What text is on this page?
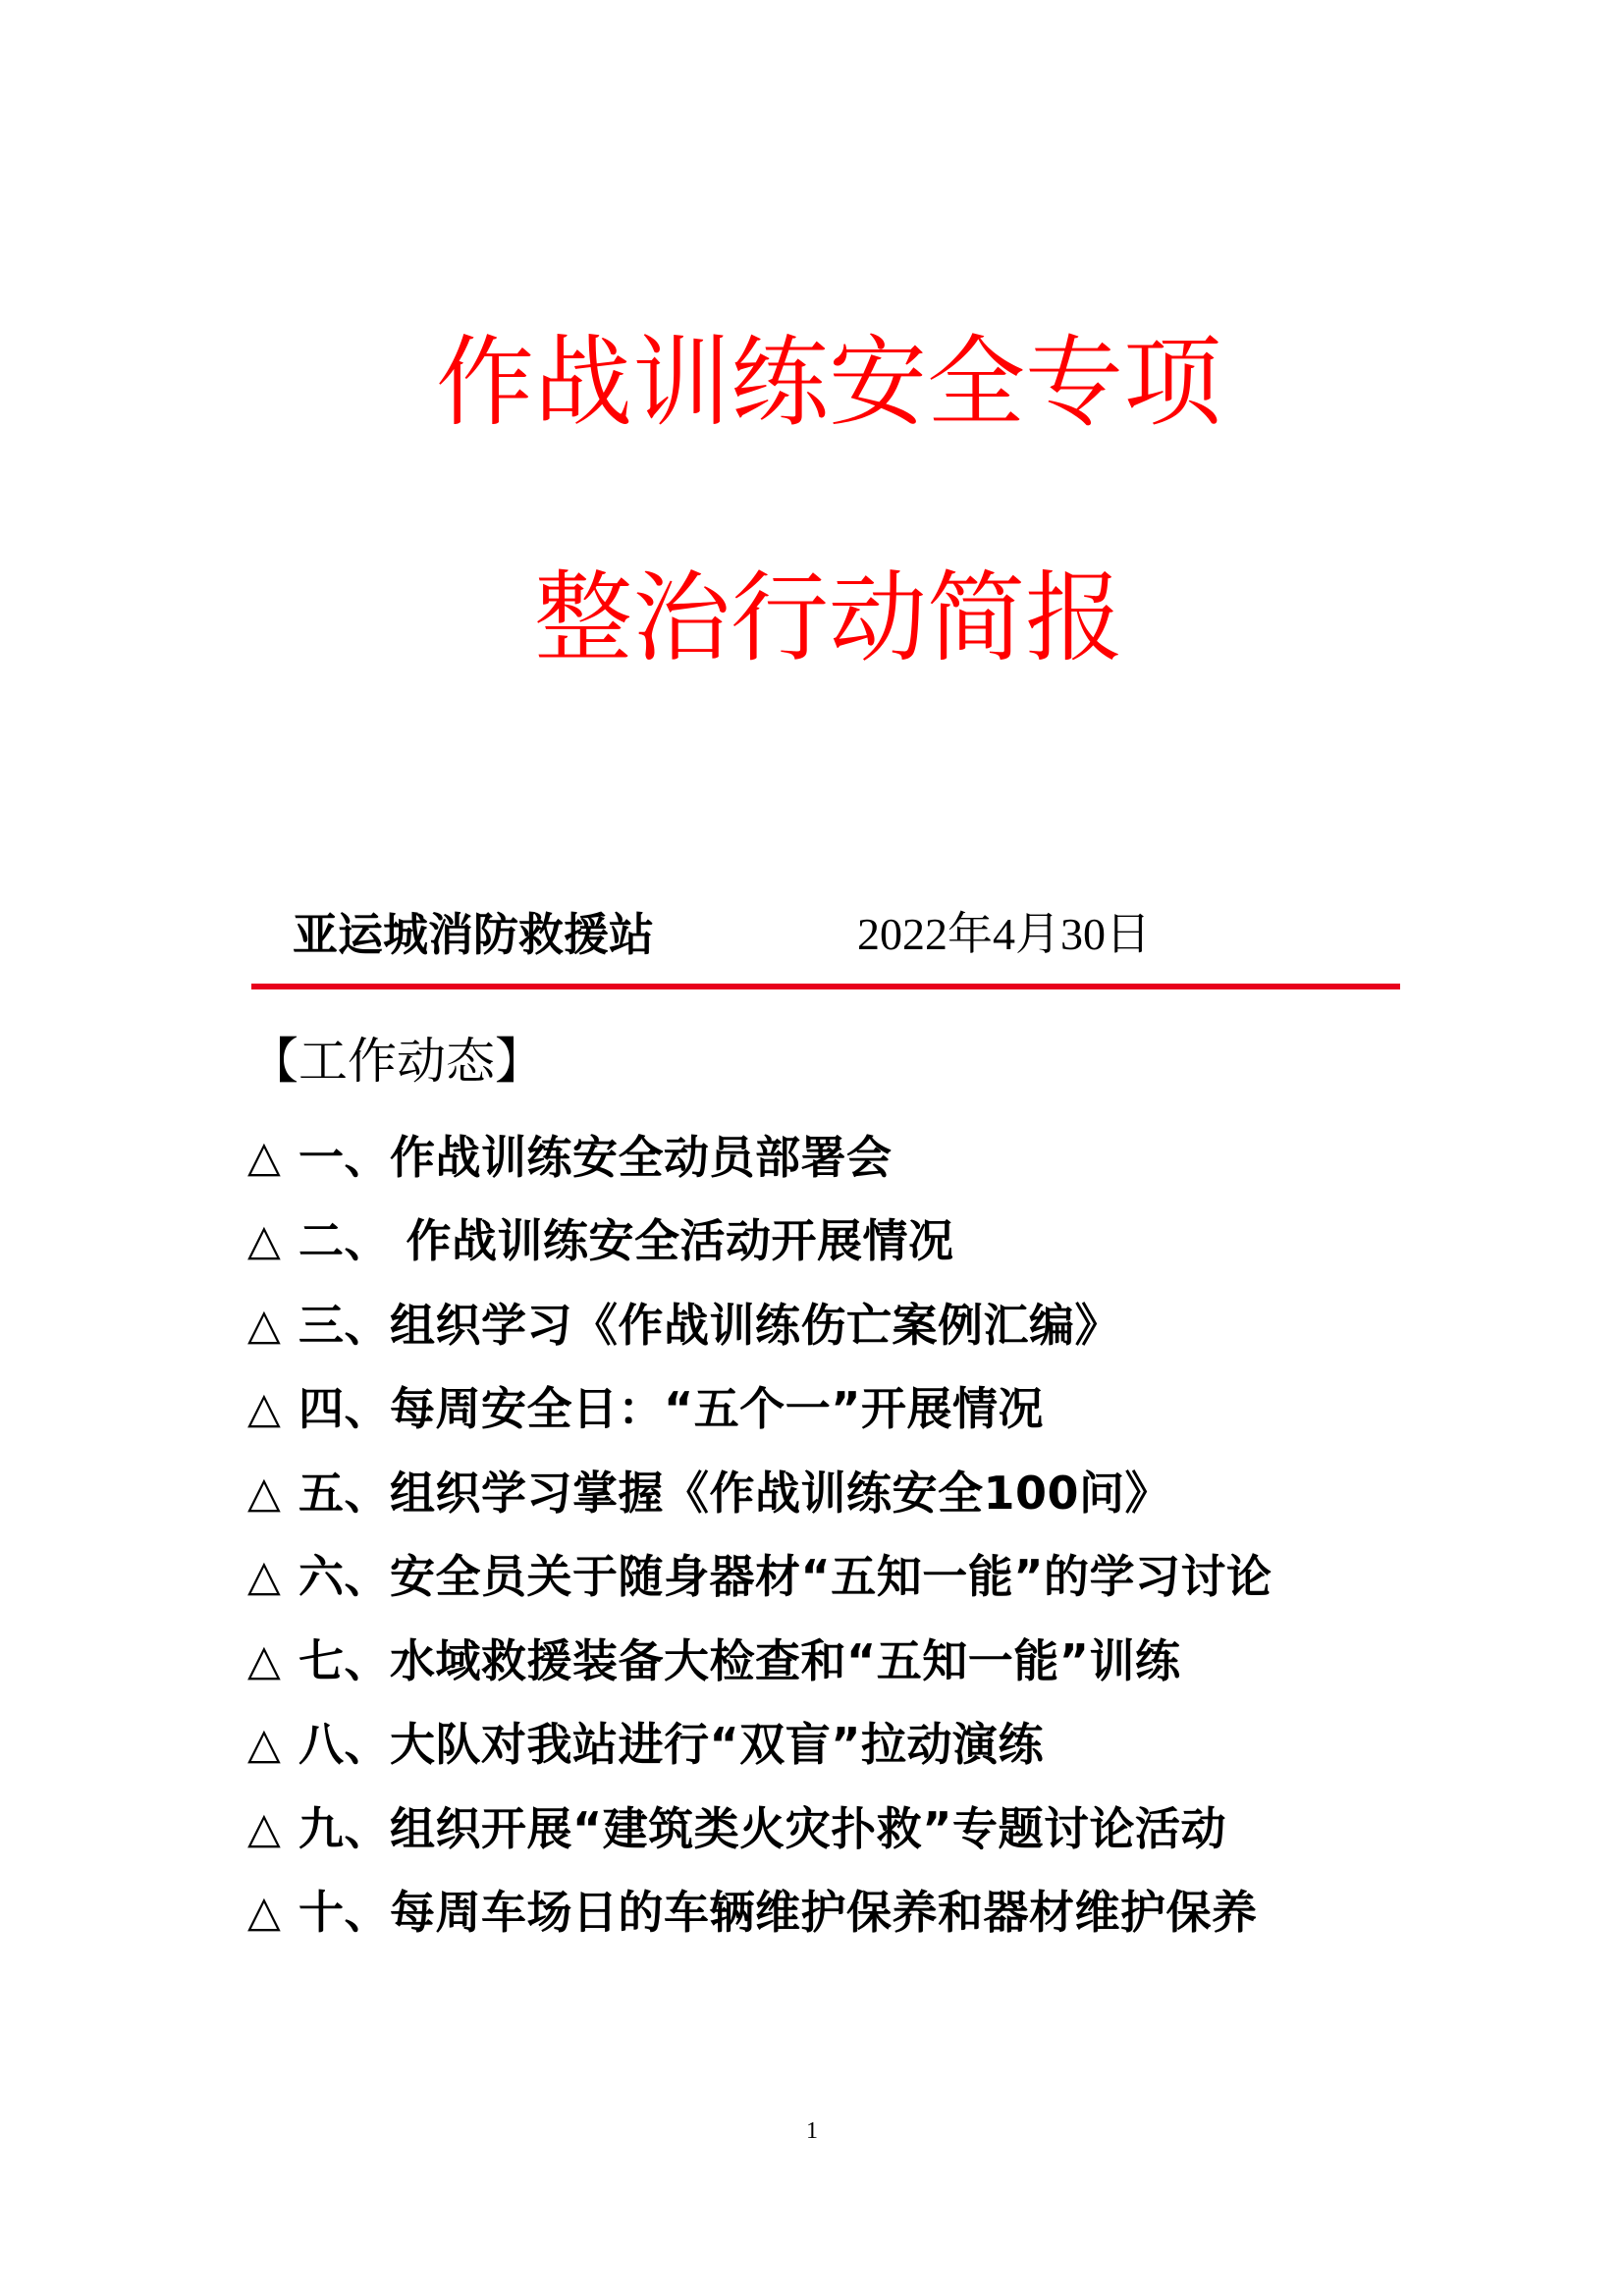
作战训练安全专项
整治行动简报
亚运城消防救援站	2022年4月30日
【工作动态】
△ 一、作战训练安全动员部署会
△ 二、 作战训练安全活动开展情况
△ 三、组织学习《作战训练伤亡案例汇编》
△ 四、每周安全日：“五个一”开展情况
△ 五、组织学习掌握《作战训练安全100问》
△ 六、安全员关于随身器材“五知一能”的学习讨论
△ 七、水域救援装备大检查和“五知一能”训练
△ 八、大队对我站进行“双盲”拉动演练
△ 九、组织开展“建筑类火灾扑救”专题讨论活动
△ 十、每周车场日的车辆维护保养和器材维护保养
1
